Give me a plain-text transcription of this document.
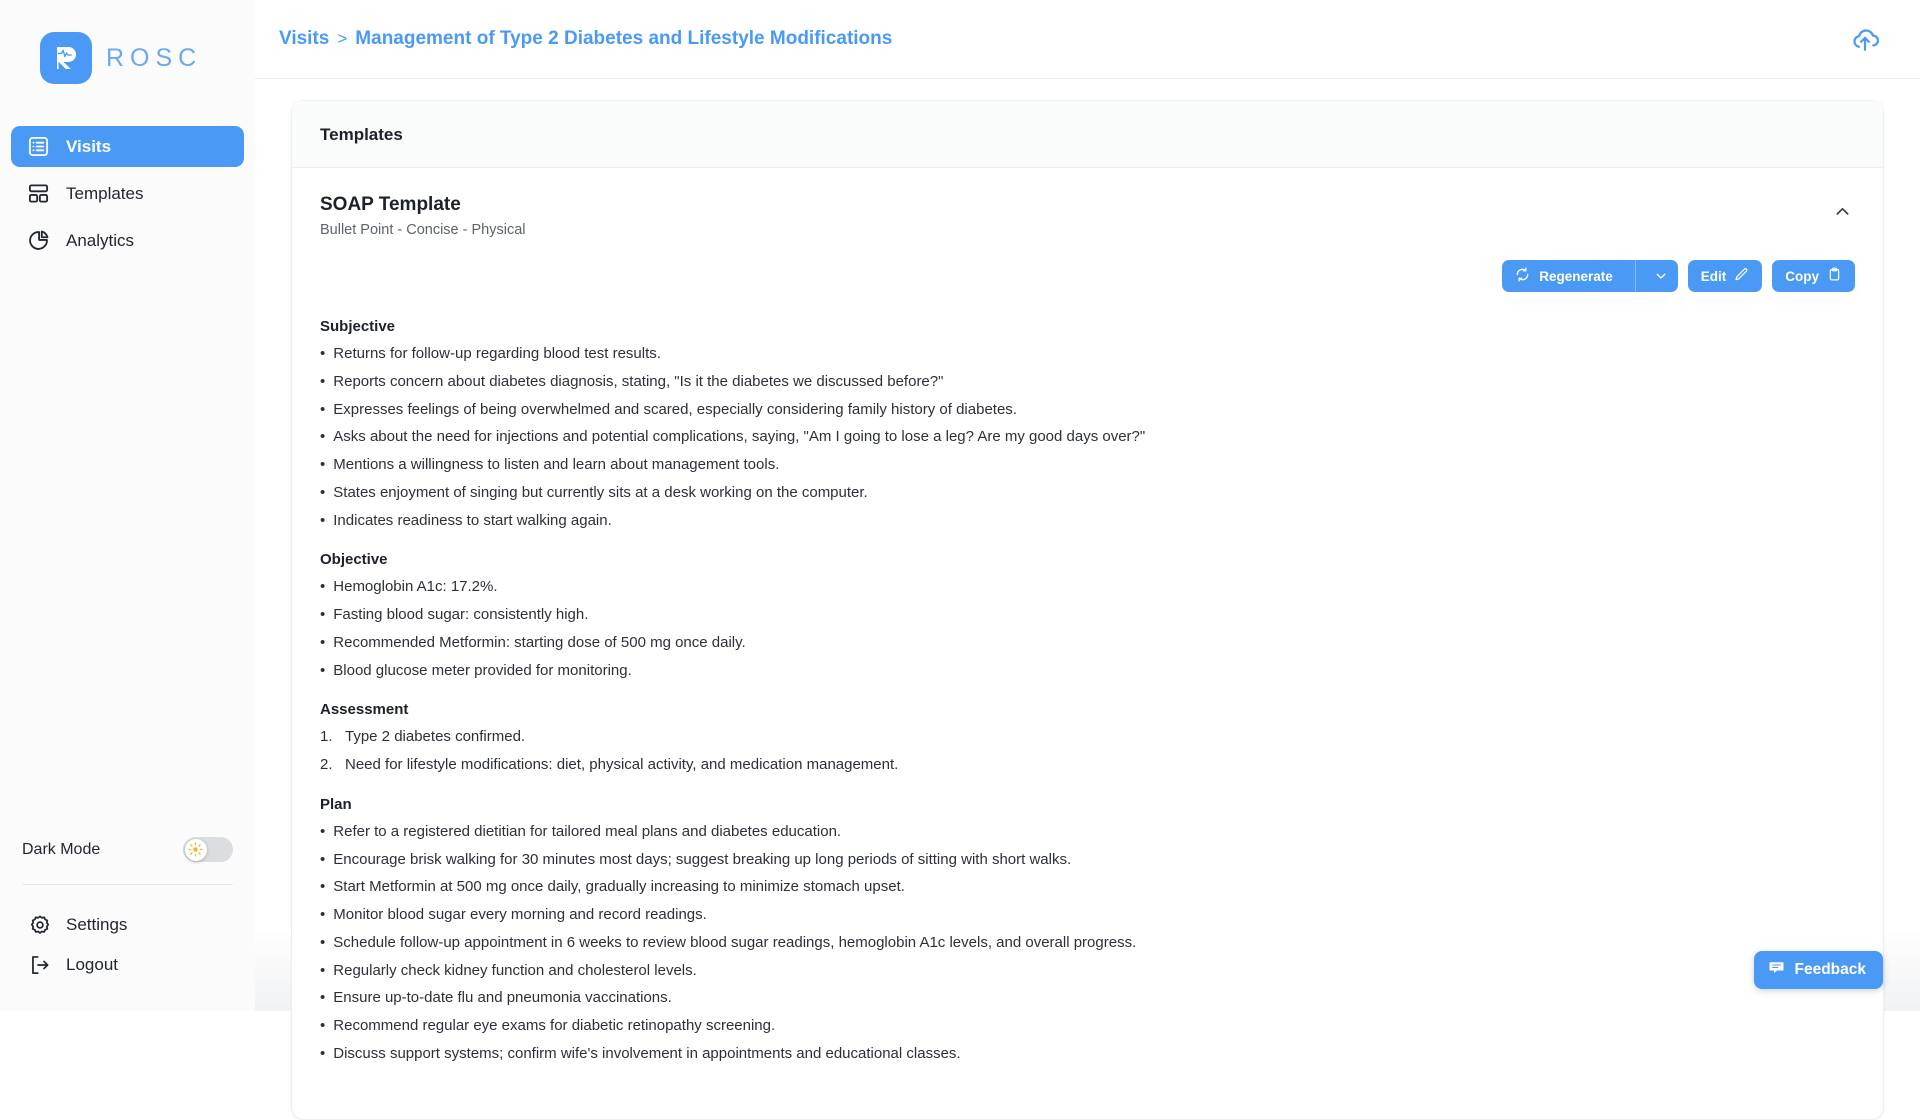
ROSC
Visits
Templates
Analytics
Dark Mode
Settings
Logout
Visits > Management of Type 2 Diabetes and Lifestyle Modifications
Templates
SOAP Template
Bullet Point - Concise - Physical
Regenerate	Edit	Copy
Subjective
• Returns for follow-up regarding blood test results.
• Reports concern about diabetes diagnosis, stating, "Is it the diabetes we discussed before?"
• Expresses feelings of being overwhelmed and scared, especially considering family history of diabetes.
• Asks about the need for injections and potential complications, saying, "Am I going to lose a leg? Are my good days over?"
• Mentions a willingness to listen and learn about management tools.
• States enjoyment of singing but currently sits at a desk working on the computer.
• Indicates readiness to start walking again.
Objective
• Hemoglobin A1c: 17.2%.
• Fasting blood sugar: consistently high.
• Recommended Metformin: starting dose of 500 mg once daily.
• Blood glucose meter provided for monitoring.
Assessment
1. Type 2 diabetes confirmed.
2. Need for lifestyle modifications: diet, physical activity, and medication management.
Plan
• Refer to a registered dietitian for tailored meal plans and diabetes education.
• Encourage brisk walking for 30 minutes most days; suggest breaking up long periods of sitting with short walks.
• Start Metformin at 500 mg once daily, gradually increasing to minimize stomach upset.
• Monitor blood sugar every morning and record readings.
• Schedule follow-up appointment in 6 weeks to review blood sugar readings, hemoglobin A1c levels, and overall progress.
• Regularly check kidney function and cholesterol levels.
• Ensure up-to-date flu and pneumonia vaccinations.
• Recommend regular eye exams for diabetic retinopathy screening.
• Discuss support systems; confirm wife's involvement in appointments and educational classes.
Feedback
